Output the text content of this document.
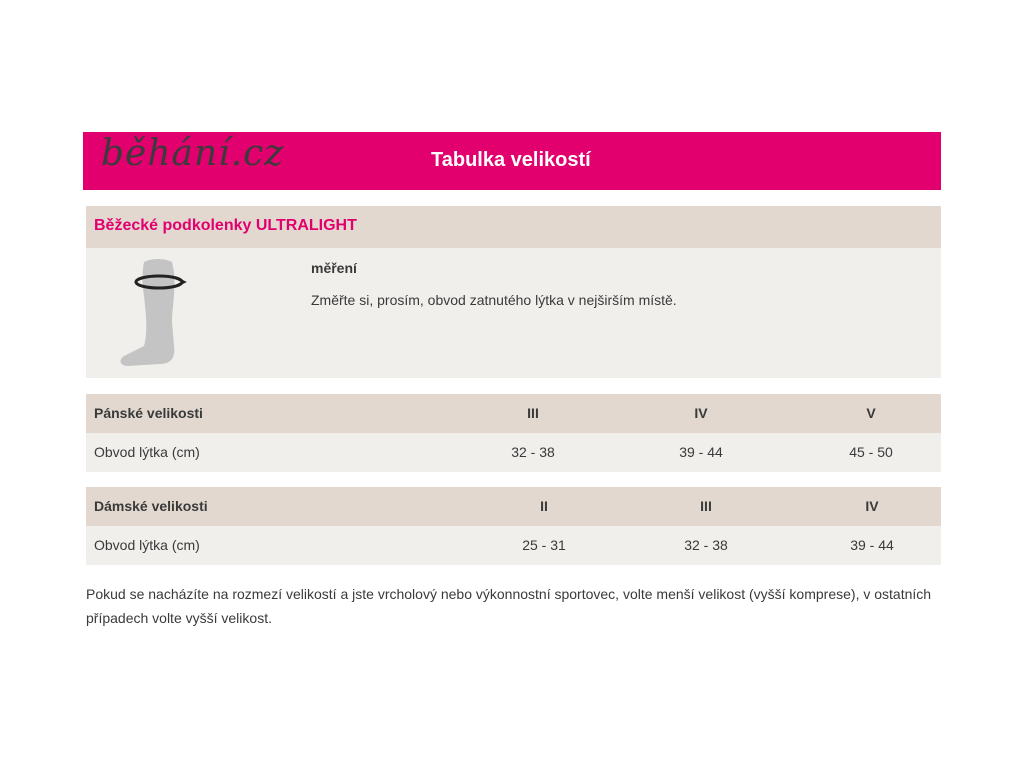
běhání.cz	Tabulka velikostí
Běžecké podkolenky ULTRALIGHT
měření
Změřte si, prosím, obvod zatnutého lýtka v nejširším místě.
Pánské velikosti	III	IV	V
Obvod lýtka (cm)	32 - 38	39 - 44	45 - 50
Dámské velikosti	II	III	IV
Obvod lýtka (cm)	25 - 31	32 - 38	39 - 44
Pokud se nacházíte na rozmezí velikostí a jste vrcholový nebo výkonnostní sportovec, volte menší velikost (vyšší komprese), v ostatních případech volte vyšší velikost.
